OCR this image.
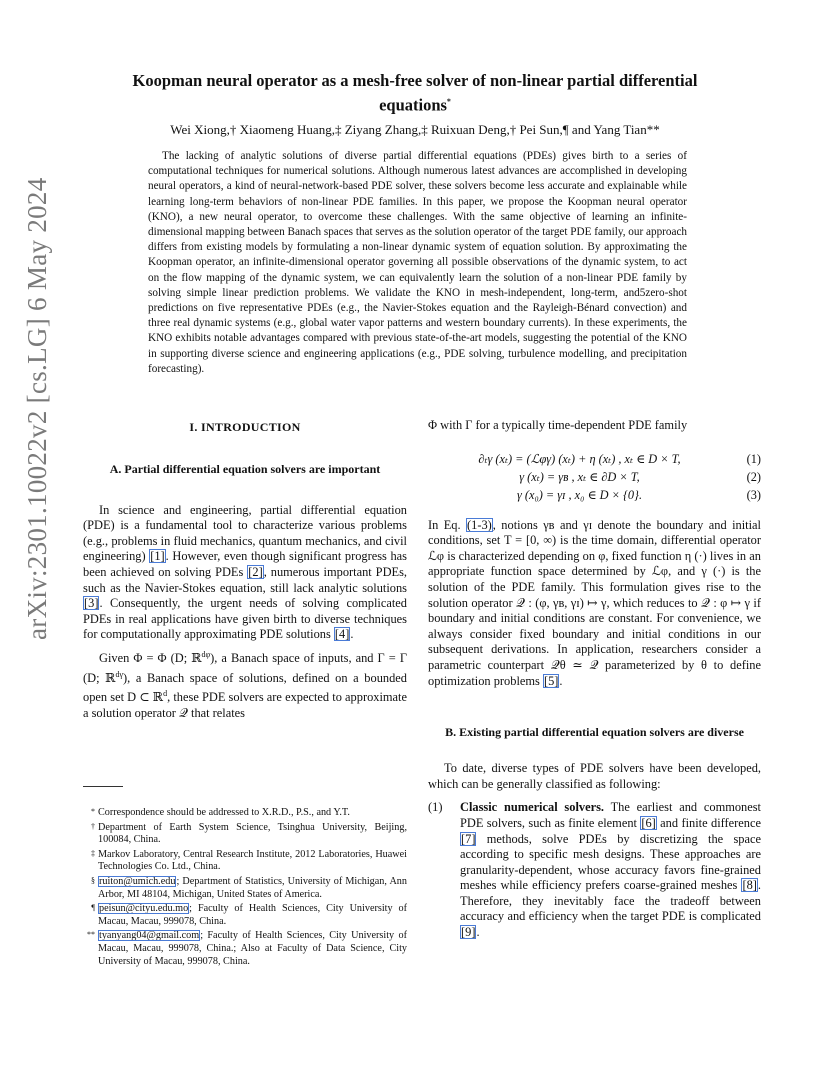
arXiv:2301.10022v2 [cs.LG] 6 May 2024
Koopman neural operator as a mesh-free solver of non-linear partial differential
equations*
Wei Xiong,† Xiaomeng Huang,‡ Ziyang Zhang,‡ Ruixuan Deng,† Pei Sun,¶ and Yang Tian**
The lacking of analytic solutions of diverse partial differential equations (PDEs) gives birth to a series of computational techniques for numerical solutions. Although numerous latest advances are accomplished in developing neural operators, a kind of neural-network-based PDE solver, these solvers become less accurate and explainable while learning long-term behaviors of non-linear PDE families. In this paper, we propose the Koopman neural operator (KNO), a new neural operator, to overcome these challenges. With the same objective of learning an infinite-dimensional mapping between Banach spaces that serves as the solution operator of the target PDE family, our approach differs from existing models by formulating a non-linear dynamic system of equation solution. By approximating the Koopman operator, an infinite-dimensional operator governing all possible observations of the dynamic system, to act on the flow mapping of the dynamic system, we can equivalently learn the solution of a non-linear PDE family by solving simple linear prediction problems. We validate the KNO in mesh-independent, long-term, and5zero-shot predictions on five representative PDEs (e.g., the Navier-Stokes equation and the Rayleigh-Bénard convection) and three real dynamic systems (e.g., global water vapor patterns and western boundary currents). In these experiments, the KNO exhibits notable advantages compared with previous state-of-the-art models, suggesting the potential of the KNO in supporting diverse science and engineering applications (e.g., PDE solving, turbulence modelling, and precipitation forecasting).
I. INTRODUCTION
A. Partial differential equation solvers are important

In science and engineering, partial differential equation (PDE) is a fundamental tool to characterize various problems (e.g., problems in fluid mechanics, quantum mechanics, and civil engineering) [1]. However, even though significant progress has been achieved on solving PDEs [2], numerous important PDEs, such as the Navier-Stokes equation, still lack analytic solutions [3]. Consequently, the urgent needs of solving complicated PDEs in real applications have given birth to diverse techniques for computationally approximating PDE solutions [4].

Given Φ = Φ (D; ℝ$^{d\varphi}$), a Banach space of inputs, and Γ = Γ (D; ℝ$^{d\gamma}$), a Banach space of solutions, defined on a bounded open set D ⊂ ℝ$^d$, these PDE solvers are expected to approximate a solution operator 𝒬 that relates

Φ with Γ for a typically time-dependent PDE family

∂ₜγ (xₜ) = (ℒφγ) (xₜ) + η (xₜ) , xₜ ∈ D × T,	(1)
γ (xₜ) = γʙ , xₜ ∈ ∂D × T,	(2)
γ (x₀) = γɪ , x₀ ∈ D × {0}.	(3)

In Eq. (1-3), notions γʙ and γɪ denote the boundary and initial conditions, set T = [0, ∞) is the time domain, differential operator ℒφ is characterized depending on φ, fixed function η (·) lives in an appropriate function space determined by ℒφ, and γ (·) is the solution of the PDE family. This formulation gives rise to the solution operator 𝒬 : (φ, γʙ, γɪ) ↦ γ, which reduces to 𝒬 : φ ↦ γ if boundary and initial conditions are constant. For convenience, we always consider fixed boundary and initial conditions in our subsequent derivations. In application, researchers consider a parametric counterpart 𝒬θ ≃ 𝒬 parameterized by θ to define optimization problems [5].

B. Existing partial differential equation solvers are diverse

To date, diverse types of PDE solvers have been developed, which can be generally classified as following:

(1)	Classic numerical solvers. The earliest and commonest PDE solvers, such as finite element [6] and finite difference [7] methods, solve PDEs by discretizing the space according to specific mesh designs. These approaches are granularity-dependent, whose accuracy favors fine-grained meshes while efficiency prefers coarse-grained meshes [8]. Therefore, they inevitably face the tradeoff between accuracy and efficiency when the target PDE is complicated [9].
* Correspondence should be addressed to X.R.D., P.S., and Y.T.
† Department of Earth System Science, Tsinghua University, Beijing, 100084, China.
‡ Markov Laboratory, Central Research Institute, 2012 Laboratories, Huawei Technologies Co. Ltd., China.
§ ruiton@umich.edu; Department of Statistics, University of Michigan, Ann Arbor, MI 48104, Michigan, United States of America.
¶ peisun@cityu.edu.mo; Faculty of Health Sciences, City University of Macau, Macau, 999078, China.
** tyanyang04@gmail.com; Faculty of Health Sciences, City University of Macau, Macau, 999078, China.; Also at Faculty of Data Science, City University of Macau, 999078, China.
